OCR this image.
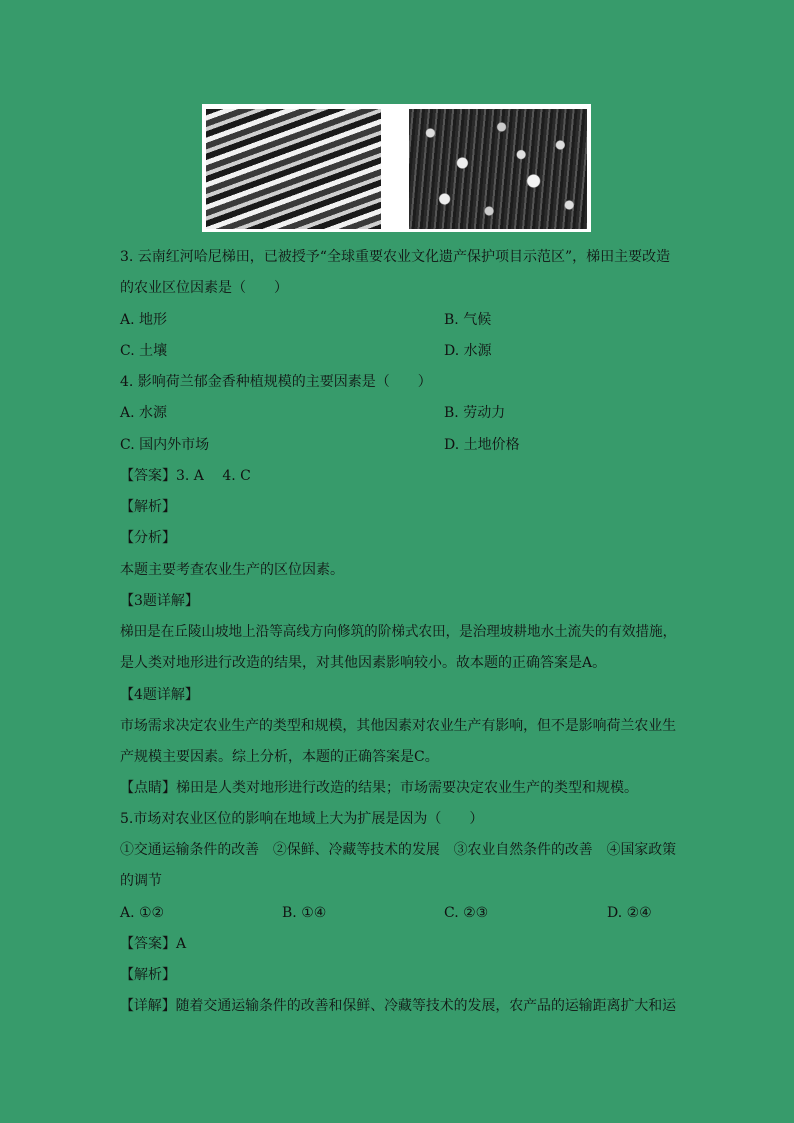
3. 云南红河哈尼梯田，已被授予“全球重要农业文化遗产保护项目示范区”，梯田主要改造
的农业区位因素是（　　）
A. 地形	B. 气候
C. 土壤	D. 水源
4. 影响荷兰郁金香种植规模的主要因素是（　　）
A. 水源	B. 劳动力
C. 国内外市场	D. 土地价格
【答案】3. A　 4. C
【解析】
【分析】
本题主要考查农业生产的区位因素。
【3题详解】
梯田是在丘陵山坡地上沿等高线方向修筑的阶梯式农田，是治理坡耕地水土流失的有效措施，
是人类对地形进行改造的结果，对其他因素影响较小。故本题的正确答案是A。
【4题详解】
市场需求决定农业生产的类型和规模，其他因素对农业生产有影响，但不是影响荷兰农业生
产规模主要因素。综上分析，本题的正确答案是C。
【点睛】梯田是人类对地形进行改造的结果；市场需要决定农业生产的类型和规模。
5.市场对农业区位的影响在地域上大为扩展是因为（　　）
①交通运输条件的改善　②保鲜、冷藏等技术的发展　③农业自然条件的改善　④国家政策
的调节
A. ①②	B. ①④	C. ②③	D. ②④
【答案】A
【解析】
【详解】随着交通运输条件的改善和保鲜、冷藏等技术的发展，农产品的运输距离扩大和运
